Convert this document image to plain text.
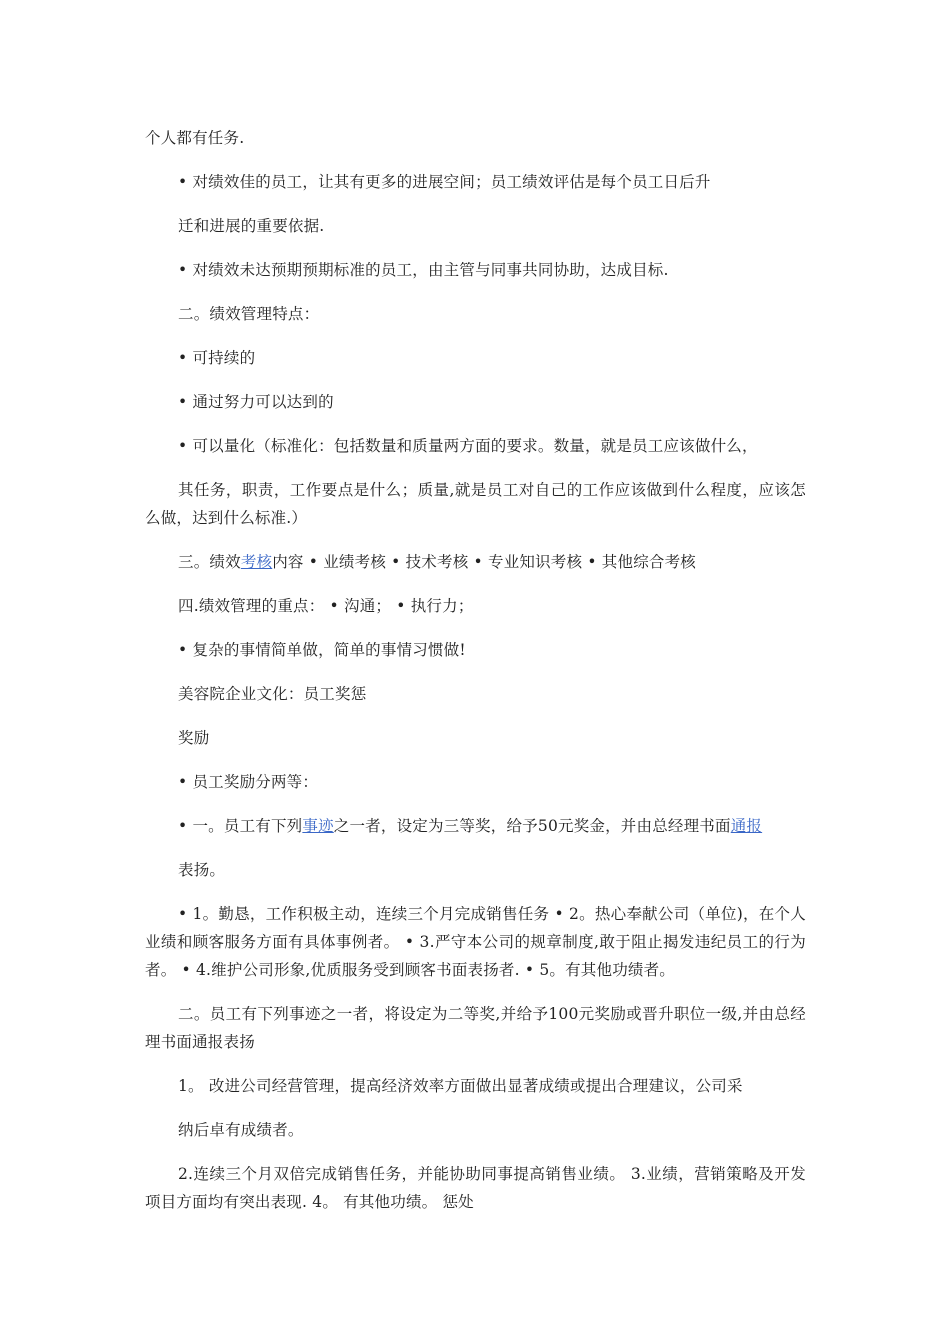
个人都有任务.
• 对绩效佳的员工，让其有更多的进展空间；员工绩效评估是每个员工日后升
迁和进展的重要依据.
• 对绩效未达预期预期标准的员工，由主管与同事共同协助，达成目标.
二。绩效管理特点：
• 可持续的
• 通过努力可以达到的
• 可以量化（标准化：包括数量和质量两方面的要求。数量，就是员工应该做什么，
其任务，职责，工作要点是什么；质量,就是员工对自己的工作应该做到什么程度，应该怎么做，达到什么标准.）
三。绩效考核内容 • 业绩考核 • 技术考核 • 专业知识考核 • 其他综合考核
四.绩效管理的重点： • 沟通； • 执行力；
• 复杂的事情简单做，简单的事情习惯做!
美容院企业文化：员工奖惩
奖励
• 员工奖励分两等：
• 一。员工有下列事迹之一者，设定为三等奖，给予50元奖金，并由总经理书面通报
表扬。
• 1。勤恳，工作积极主动，连续三个月完成销售任务 • 2。热心奉献公司（单位)，在个人业绩和顾客服务方面有具体事例者。 • 3.严守本公司的规章制度,敢于阻止揭发违纪员工的行为者。 • 4.维护公司形象,优质服务受到顾客书面表扬者. • 5。有其他功绩者。
二。员工有下列事迹之一者，将设定为二等奖,并给予100元奖励或晋升职位一级,并由总经理书面通报表扬
1。 改进公司经营管理，提高经济效率方面做出显著成绩或提出合理建议，公司采
纳后卓有成绩者。
2.连续三个月双倍完成销售任务，并能协助同事提高销售业绩。 3.业绩，营销策略及开发项目方面均有突出表现. 4。 有其他功绩。 惩处
